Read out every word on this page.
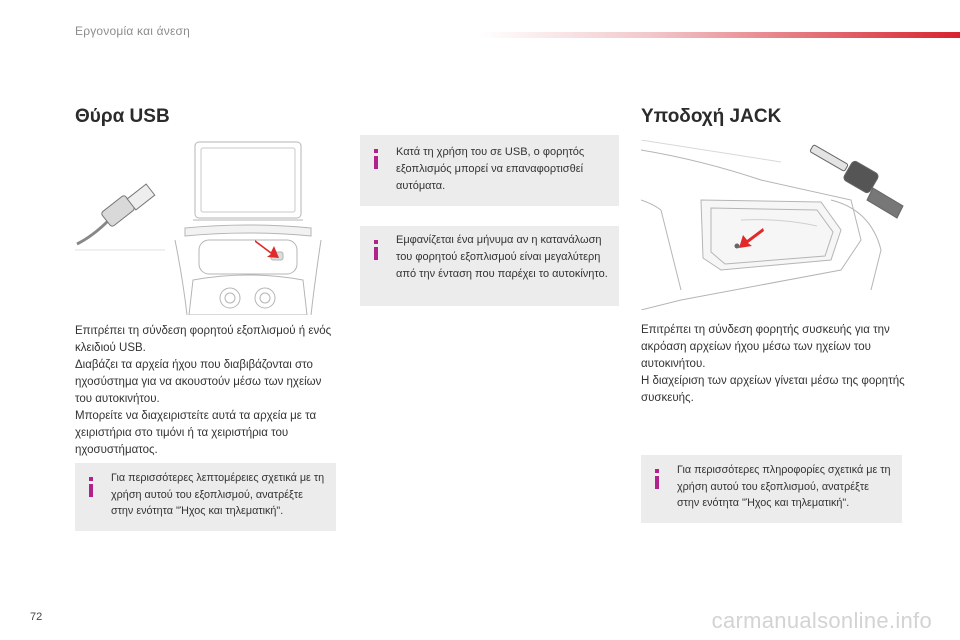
Εργονομία και άνεση
Θύρα USB

Επιτρέπει τη σύνδεση φορητού εξοπλισμού ή ενός κλειδιού USB.

Διαβάζει τα αρχεία ήχου που διαβιβάζονται στο ηχοσύστημα για να ακουστούν μέσω των ηχείων του αυτοκινήτου.

Μπορείτε να διαχειριστείτε αυτά τα αρχεία με τα χειριστήρια στο τιμόνι ή τα χειριστήρια του ηχοσυστήματος.

Για περισσότερες λεπτομέρειες σχετικά με τη χρήση αυτού του εξοπλισμού, ανατρέξτε στην ενότητα "Ήχος και τηλεματική".
Κατά τη χρήση του σε USB, ο φορητός εξοπλισμός μπορεί να επαναφορτισθεί αυτόματα.
Εμφανίζεται ένα μήνυμα αν η κατανάλωση του φορητού εξοπλισμού είναι μεγαλύτερη από την ένταση που παρέχει το αυτοκίνητο.
Υποδοχή JACK

Επιτρέπει τη σύνδεση φορητής συσκευής για την ακρόαση αρχείων ήχου μέσω των ηχείων του αυτοκινήτου.

Η διαχείριση των αρχείων γίνεται μέσω της φορητής συσκευής.

Για περισσότερες πληροφορίες σχετικά με τη χρήση αυτού του εξοπλισμού, ανατρέξτε στην ενότητα "Ήχος και τηλεματική".
72	carmanualsonline.info
